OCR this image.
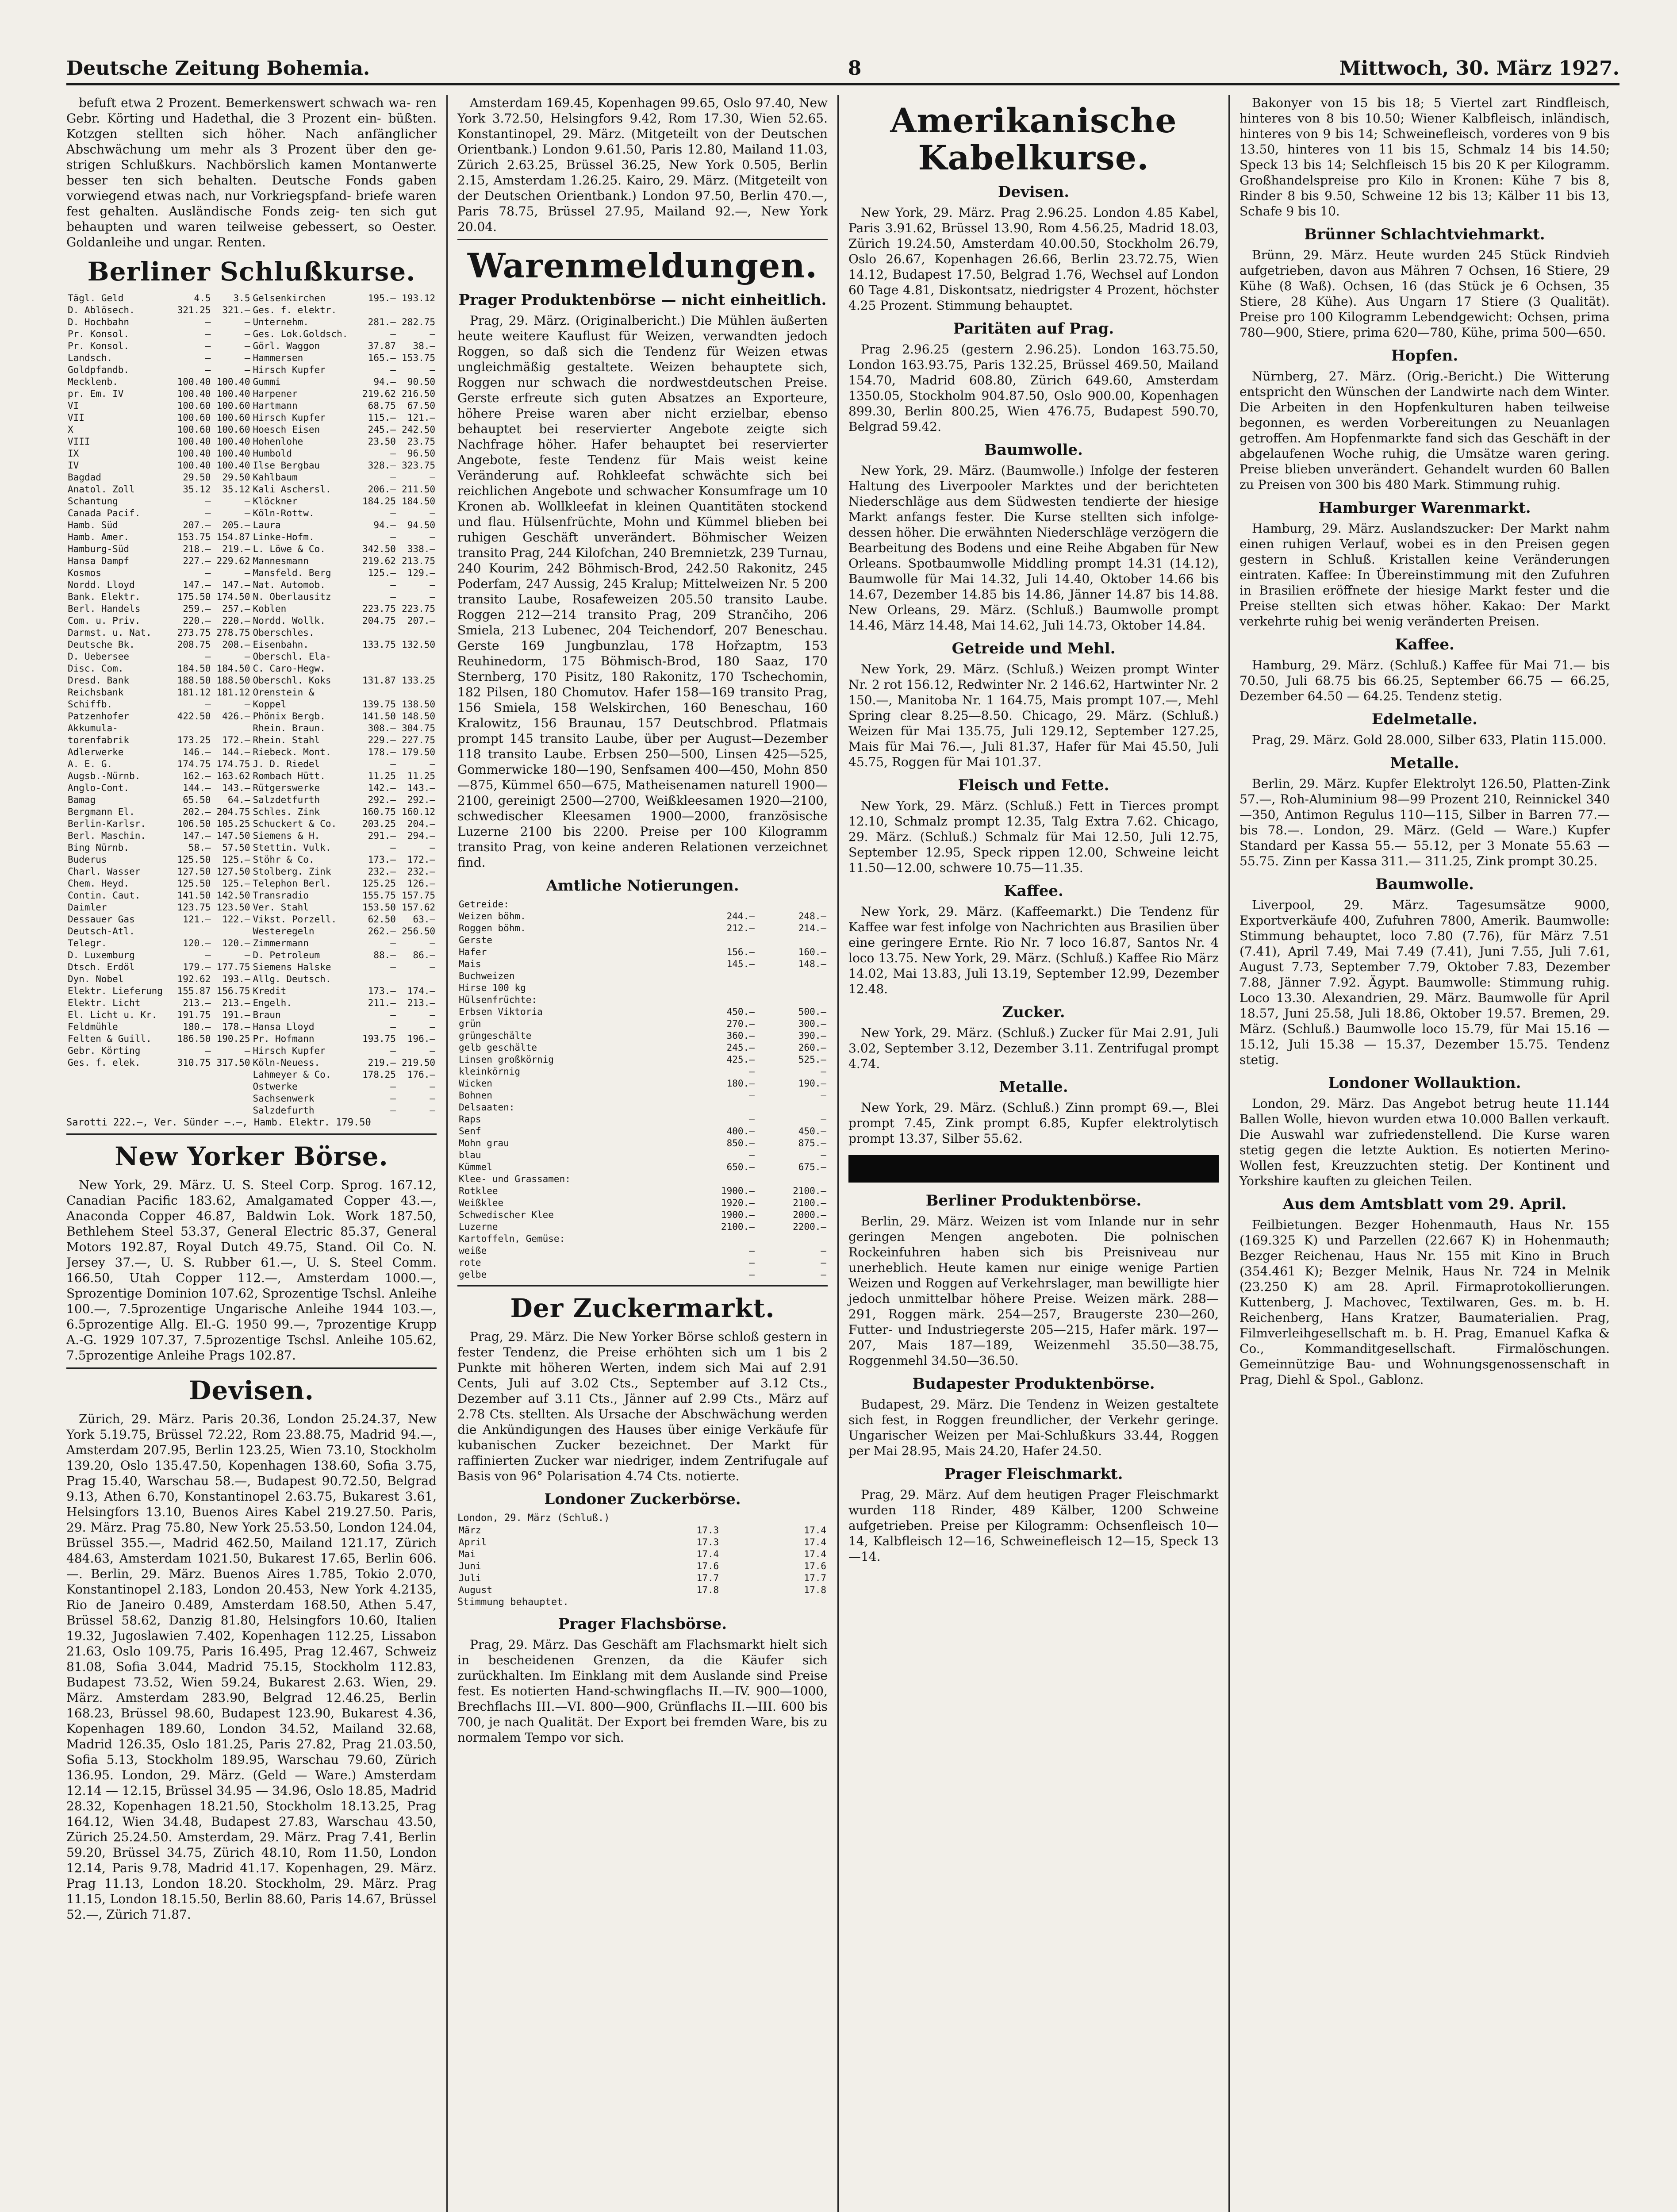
Deutsche Zeitung Bohemia.	8	Mittwoch, 30. März 1927.

befuft etwa 2 Prozent. Bemerkenswert schwach wa- ren Gebr. Körting und Hadethal, die 3 Prozent ein- büßten. Kotzgen stellten sich höher. Nach anfänglicher Abschwächung um mehr als 3 Prozent über den ge- strigen Schlußkurs. Nachbörslich kamen Montanwerte besser ten sich behalten. Deutsche Fonds gaben vorwiegend etwas nach, nur Vorkriegspfand- briefe waren fest gehalten. Ausländische Fonds zeig- ten sich gut behaupten und waren teilweise gebessert, so Oester. Goldanleihe und ungar. Renten.

Berliner Schlußkurse.
Tägl. Geld	4.5	3.5	Gelsenkirchen	195.—	193.12
D. Ablösech.	321.25	321.—	Ges. f. elektr.		
D. Hochbahn	—	—	Unternehm.	281.—	282.75
Pr. Konsol.	—	—	Ges. Lok.Goldsch.	—	—
Pr. Konsol.	—	—	Görl. Waggon	37.87	38.—
Landsch.	—	—	Hammersen	165.—	153.75
Goldpfandb.	—	—	Hirsch Kupfer	—	—
Mecklenb.	100.40	100.40	Gummi	94.—	90.50
pr. Em. IV	100.40	100.40	Harpener	219.62	216.50
VI	100.60	100.60	Hartmann	68.75	67.50
VII	100.60	100.60	Hirsch Kupfer	115.—	121.—
X	100.60	100.60	Hoesch Eisen	245.—	242.50
VIII	100.40	100.40	Hohenlohe	23.50	23.75
IX	100.40	100.40	Humbold	—	96.50
IV	100.40	100.40	Ilse Bergbau	328.—	323.75
Bagdad	29.50	29.50	Kahlbaum	—	—
Anatol. Zoll	35.12	35.12	Kali Aschersl.	206.—	211.50
Schantung	—	—	Klöckner	184.25	184.50
Canada Pacif.	—	—	Köln-Rottw.	—	—
Hamb. Süd	207.—	205.—	Laura	94.—	94.50
Hamb. Amer.	153.75	154.87	Linke-Hofm.	—	—
Hamburg-Süd	218.—	219.—	L. Löwe & Co.	342.50	338.—
Hansa Dampf	227.—	229.62	Mannesmann	219.62	213.75
Kosmos	—	—	Mansfeld. Berg	125.—	129.—
Nordd. Lloyd	147.—	147.—	Nat. Automob.	—	—
Bank. Elektr.	175.50	174.50	N. Oberlausitz	—	—
Berl. Handels	259.—	257.—	Koblen	223.75	223.75
Com. u. Priv.	220.—	220.—	Nordd. Wollk.	204.75	207.—
Darmst. u. Nat.	273.75	278.75	Oberschles.		
Deutsche Bk.	208.75	208.—	Eisenbahn.	133.75	132.50
D. Uebersee	—	—	Oberschl. Ela-		
Disc. Com.	184.50	184.50	C. Caro-Hegw.		
Dresd. Bank	188.50	188.50	Oberschl. Koks	131.87	133.25
Reichsbank	181.12	181.12	Orenstein &		
Schiffb.	—	—	Koppel	139.75	138.50
Patzenhofer	422.50	426.—	Phönix Bergb.	141.50	148.50
Akkumula-			Rhein. Braun.	308.—	304.75
torenfabrik	173.25	172.—	Rhein. Stahl	229.—	227.75
Adlerwerke	146.—	144.—	Riebeck. Mont.	178.—	179.50
A. E. G.	174.75	174.75	J. D. Riedel	—	—
Augsb.-Nürnb.	162.—	163.62	Rombach Hütt.	11.25	11.25
Anglo-Cont.	144.—	143.—	Rütgerswerke	142.—	143.—
Bamag	65.50	64.—	Salzdetfurth	292.—	292.—
Bergmann El.	202.—	204.75	Schles. Zink	160.75	160.12
Berlin-Karlsr.	106.50	105.25	Schuckert & Co.	203.25	204.—
Berl. Maschin.	147.—	147.50	Siemens & H.	291.—	294.—
Bing Nürnb.	58.—	57.50	Stettin. Vulk.	—	—
Buderus	125.50	125.—	Stöhr & Co.	173.—	172.—
Charl. Wasser	127.50	127.50	Stolberg. Zink	232.—	232.—
Chem. Heyd.	125.50	125.—	Telephon Berl.	125.25	126.—
Contin. Caut.	141.50	142.50	Transradio	155.75	157.75
Daimler	123.75	123.50	Ver. Stahl	153.50	157.62
Dessauer Gas	121.—	122.—	Vikst. Porzell.	62.50	63.—
Deutsch-Atl.			Westeregeln	262.—	256.50
Telegr.	120.—	120.—	Zimmermann	—	—
D. Luxemburg	—	—	D. Petroleum	88.—	86.—
Dtsch. Erdöl	179.—	177.75	Siemens Halske	—	—
Dyn. Nobel	192.62	193.—	Allg. Deutsch.		
Elektr. Lieferung	155.87	156.75	Kredit	173.—	174.—
Elektr. Licht	213.—	213.—	Engelh.	211.—	213.—
El. Licht u. Kr.	191.75	191.—	Braun	—	—
Feldmühle	180.—	178.—	Hansa Lloyd	—	—
Felten & Guill.	186.50	190.25	Pr. Hofmann	193.75	196.—
Gebr. Körting	—	—	Hirsch Kupfer	—	—
Ges. f. elek.	310.75	317.50	Köln-Neuess.	219.—	219.50
			Lahmeyer & Co.	178.25	176.—
			Ostwerke	—	—
			Sachsenwerk	—	—
			Salzdefurth	—	—
Sarotti 222.—, Ver. Sünder —.—, Hamb. Elektr. 179.50
New Yorker Börse.

New York, 29. März. U. S. Steel Corp. Sprog. 167.12, Canadian Pacific 183.62, Amalgamated Copper 43.—, Anaconda Copper 46.87, Baldwin Lok. Work 187.50, Bethlehem Steel 53.37, General Electric 85.37, General Motors 192.87, Royal Dutch 49.75, Stand. Oil Co. N. Jersey 37.—, U. S. Rubber 61.—, U. S. Steel Comm. 166.50, Utah Copper 112.—, Amsterdam 1000.—, Sprozentige Dominion 107.62, Sprozentige Tschsl. Anleihe 100.—, 7.5prozentige Ungarische Anleihe 1944 103.—, 6.5prozentige Allg. El.-G. 1950 99.—, 7prozentige Krupp A.-G. 1929 107.37, 7.5prozentige Tschsl. Anleihe 105.62, 7.5prozentige Anleihe Prags 102.87.

Devisen.

Zürich, 29. März. Paris 20.36, London 25.24.37, New York 5.19.75, Brüssel 72.22, Rom 23.88.75, Madrid 94.—, Amsterdam 207.95, Berlin 123.25, Wien 73.10, Stockholm 139.20, Oslo 135.47.50, Kopenhagen 138.60, Sofia 3.75, Prag 15.40, Warschau 58.—, Budapest 90.72.50, Belgrad 9.13, Athen 6.70, Konstantinopel 2.63.75, Bukarest 3.61, Helsingfors 13.10, Buenos Aires Kabel 219.27.50. Paris, 29. März. Prag 75.80, New York 25.53.50, London 124.04, Brüssel 355.—, Madrid 462.50, Mailand 121.17, Zürich 484.63, Amsterdam 1021.50, Bukarest 17.65, Berlin 606.—. Berlin, 29. März. Buenos Aires 1.785, Tokio 2.070, Konstantinopel 2.183, London 20.453, New York 4.2135, Rio de Janeiro 0.489, Amsterdam 168.50, Athen 5.47, Brüssel 58.62, Danzig 81.80, Helsingfors 10.60, Italien 19.32, Jugoslawien 7.402, Kopenhagen 112.25, Lissabon 21.63, Oslo 109.75, Paris 16.495, Prag 12.467, Schweiz 81.08, Sofia 3.044, Madrid 75.15, Stockholm 112.83, Budapest 73.52, Wien 59.24, Bukarest 2.63. Wien, 29. März. Amsterdam 283.90, Belgrad 12.46.25, Berlin 168.23, Brüssel 98.60, Budapest 123.90, Bukarest 4.36, Kopenhagen 189.60, London 34.52, Mailand 32.68, Madrid 126.35, Oslo 181.25, Paris 27.82, Prag 21.03.50, Sofia 5.13, Stockholm 189.95, Warschau 79.60, Zürich 136.95. London, 29. März. (Geld — Ware.) Amsterdam 12.14 — 12.15, Brüssel 34.95 — 34.96, Oslo 18.85, Madrid 28.32, Kopenhagen 18.21.50, Stockholm 18.13.25, Prag 164.12, Wien 34.48, Budapest 27.83, Warschau 43.50, Zürich 25.24.50. Amsterdam, 29. März. Prag 7.41, Berlin 59.20, Brüssel 34.75, Zürich 48.10, Rom 11.50, London 12.14, Paris 9.78, Madrid 41.17. Kopenhagen, 29. März. Prag 11.13, London 18.20. Stockholm, 29. März. Prag 11.15, London 18.15.50, Berlin 88.60, Paris 14.67, Brüssel 52.—, Zürich 71.87.

Amsterdam 169.45, Kopenhagen 99.65, Oslo 97.40, New York 3.72.50, Helsingfors 9.42, Rom 17.30, Wien 52.65. Konstantinopel, 29. März. (Mitgeteilt von der Deutschen Orientbank.) London 9.61.50, Paris 12.80, Mailand 11.03, Zürich 2.63.25, Brüssel 36.25, New York 0.505, Berlin 2.15, Amsterdam 1.26.25. Kairo, 29. März. (Mitgeteilt von der Deutschen Orientbank.) London 97.50, Berlin 470.—, Paris 78.75, Brüssel 27.95, Mailand 92.—, New York 20.04.

Warenmeldungen.
Prager Produktenbörse — nicht einheitlich.

Prag, 29. März. (Originalbericht.) Die Mühlen äußerten heute weitere Kauflust für Weizen, verwandten jedoch Roggen, so daß sich die Tendenz für Weizen etwas ungleichmäßig gestaltete. Weizen behauptete sich, Roggen nur schwach die nordwestdeutschen Preise. Gerste erfreute sich guten Absatzes an Exporteure, höhere Preise waren aber nicht erzielbar, ebenso behauptet bei reservierter Angebote zeigte sich Nachfrage höher. Hafer behauptet bei reservierter Angebote, feste Tendenz für Mais weist keine Veränderung auf. Rohkleefat schwächte sich bei reichlichen Angebote und schwacher Konsumfrage um 10 Kronen ab. Wollkleefat in kleinen Quantitäten stockend und flau. Hülsenfrüchte, Mohn und Kümmel blieben bei ruhigen Geschäft unverändert. Böhmischer Weizen transito Prag, 244 Kilofchan, 240 Bremnietzk, 239 Turnau, 240 Kourim, 242 Böhmisch-Brod, 242.50 Rakonitz, 245 Poderfam, 247 Aussig, 245 Kralup; Mittelweizen Nr. 5 200 transito Laube, Rosafeweizen 205.50 transito Laube. Roggen 212—214 transito Prag, 209 Strančiho, 206 Smiela, 213 Lubenec, 204 Teichendorf, 207 Beneschau. Gerste 169 Jungbunzlau, 178 Hořzaptm, 153 Reuhinedorm, 175 Böhmisch-Brod, 180 Saaz, 170 Sternberg, 170 Pisitz, 180 Rakonitz, 170 Tschechomin, 182 Pilsen, 180 Chomutov. Hafer 158—169 transito Prag, 156 Smiela, 158 Welskirchen, 160 Beneschau, 160 Kralowitz, 156 Braunau, 157 Deutschbrod. Pflatmais prompt 145 transito Laube, über per August—Dezember 118 transito Laube. Erbsen 250—500, Linsen 425—525, Gommerwicke 180—190, Senfsamen 400—450, Mohn 850—875, Kümmel 650—675, Matheisenamen naturell 1900—2100, gereinigt 2500—2700, Weißkleesamen 1920—2100, schwedischer Kleesamen 1900—2000, französische Luzerne 2100 bis 2200. Preise per 100 Kilogramm transito Prag, von keine anderen Relationen verzeichnet find.

Amtliche Notierungen.
Getreide:		
Weizen böhm.	244.—	248.—
Roggen böhm.	212.—	214.—
Gerste		
Hafer	156.—	160.—
Mais	145.—	148.—
Buchweizen		
Hirse 100 kg		
Hülsenfrüchte:		
Erbsen Viktoria	450.—	500.—
grün	270.—	300.—
grüngeschälte	360.—	390.—
gelb geschälte	245.—	260.—
Linsen großkörnig	425.—	525.—
kleinkörnig	—	—
Wicken	180.—	190.—
Bohnen	—	—
Delsaaten:		
Raps	—	—
Senf	400.—	450.—
Mohn grau	850.—	875.—
blau	—	—
Kümmel	650.—	675.—
Klee- und Grassamen:		
Rotklee	1900.—	2100.—
Weißklee	1920.—	2100.—
Schwedischer Klee	1900.—	2000.—
Luzerne	2100.—	2200.—
Kartoffeln, Gemüse:		
weiße	—	—
rote	—	—
gelbe	—	—
Der Zuckermarkt.

Prag, 29. März. Die New Yorker Börse schloß gestern in fester Tendenz, die Preise erhöhten sich um 1 bis 2 Punkte mit höheren Werten, indem sich Mai auf 2.91 Cents, Juli auf 3.02 Cts., September auf 3.12 Cts., Dezember auf 3.11 Cts., Jänner auf 2.99 Cts., März auf 2.78 Cts. stellten. Als Ursache der Abschwächung werden die Ankündigungen des Hauses über einige Verkäufe für kubanischen Zucker bezeichnet. Der Markt für raffinierten Zucker war niedriger, indem Zentrifugale auf Basis von 96° Polarisation 4.74 Cts. notierte.

Londoner Zuckerbörse.
London, 29. März (Schluß.)
März	17.3	17.4
April	17.3	17.4
Mai	17.4	17.4
Juni	17.6	17.6
Juli	17.7	17.7
August	17.8	17.8
Stimmung behauptet.
Prager Flachsbörse.

Prag, 29. März. Das Geschäft am Flachsmarkt hielt sich in bescheidenen Grenzen, da die Käufer sich zurückhalten. Im Einklang mit dem Auslande sind Preise fest. Es notierten Hand-schwingflachs II.—IV. 900—1000, Brechflachs III.—VI. 800—900, Grünflachs II.—III. 600 bis 700, je nach Qualität. Der Export bei fremden Ware, bis zu normalem Tempo vor sich.

Amerikanische Kabelkurse.
Devisen.

New York, 29. März. Prag 2.96.25. London 4.85 Kabel, Paris 3.91.62, Brüssel 13.90, Rom 4.56.25, Madrid 18.03, Zürich 19.24.50, Amsterdam 40.00.50, Stockholm 26.79, Oslo 26.67, Kopenhagen 26.66, Berlin 23.72.75, Wien 14.12, Budapest 17.50, Belgrad 1.76, Wechsel auf London 60 Tage 4.81, Diskontsatz, niedrigster 4 Prozent, höchster 4.25 Prozent. Stimmung behauptet.

Paritäten auf Prag.

Prag 2.96.25 (gestern 2.96.25). London 163.75.50, London 163.93.75, Paris 132.25, Brüssel 469.50, Mailand 154.70, Madrid 608.80, Zürich 649.60, Amsterdam 1350.05, Stockholm 904.87.50, Oslo 900.00, Kopenhagen 899.30, Berlin 800.25, Wien 476.75, Budapest 590.70, Belgrad 59.42.

Baumwolle.

New York, 29. März. (Baumwolle.) Infolge der festeren Haltung des Liverpooler Marktes und der berichteten Niederschläge aus dem Südwesten tendierte der hiesige Markt anfangs fester. Die Kurse stellten sich infolge-dessen höher. Die erwähnten Niederschläge verzögern die Bearbeitung des Bodens und eine Reihe Abgaben für New Orleans. Spotbaumwolle Middling prompt 14.31 (14.12), Baumwolle für Mai 14.32, Juli 14.40, Oktober 14.66 bis 14.67, Dezember 14.85 bis 14.86, Jänner 14.87 bis 14.88. New Orleans, 29. März. (Schluß.) Baumwolle prompt 14.46, März 14.48, Mai 14.62, Juli 14.73, Oktober 14.84.

Getreide und Mehl.

New York, 29. März. (Schluß.) Weizen prompt Winter Nr. 2 rot 156.12, Redwinter Nr. 2 146.62, Hartwinter Nr. 2 150.—, Manitoba Nr. 1 164.75, Mais prompt 107.—, Mehl Spring clear 8.25—8.50. Chicago, 29. März. (Schluß.) Weizen für Mai 135.75, Juli 129.12, September 127.25, Mais für Mai 76.—, Juli 81.37, Hafer für Mai 45.50, Juli 45.75, Roggen für Mai 101.37.

Fleisch und Fette.

New York, 29. März. (Schluß.) Fett in Tierces prompt 12.10, Schmalz prompt 12.35, Talg Extra 7.62. Chicago, 29. März. (Schluß.) Schmalz für Mai 12.50, Juli 12.75, September 12.95, Speck rippen 12.00, Schweine leicht 11.50—12.00, schwere 10.75—11.35.

Kaffee.

New York, 29. März. (Kaffeemarkt.) Die Tendenz für Kaffee war fest infolge von Nachrichten aus Brasilien über eine geringere Ernte. Rio Nr. 7 loco 16.87, Santos Nr. 4 loco 13.75. New York, 29. März. (Schluß.) Kaffee Rio März 14.02, Mai 13.83, Juli 13.19, September 12.99, Dezember 12.48.

Zucker.

New York, 29. März. (Schluß.) Zucker für Mai 2.91, Juli 3.02, September 3.12, Dezember 3.11. Zentrifugal prompt 4.74.

Metalle.

New York, 29. März. (Schluß.) Zinn prompt 69.—, Blei prompt 7.45, Zink prompt 6.85, Kupfer elektrolytisch prompt 13.37, Silber 55.62.

Berliner Produktenbörse.

Berlin, 29. März. Weizen ist vom Inlande nur in sehr geringen Mengen angeboten. Die polnischen Rockeinfuhren haben sich bis Preisniveau nur unerheblich. Heute kamen nur einige wenige Partien Weizen und Roggen auf Verkehrslager, man bewilligte hier jedoch unmittelbar höhere Preise. Weizen märk. 288—291, Roggen märk. 254—257, Braugerste 230—260, Futter- und Industriegerste 205—215, Hafer märk. 197—207, Mais 187—189, Weizenmehl 35.50—38.75, Roggenmehl 34.50—36.50.

Budapester Produktenbörse.

Budapest, 29. März. Die Tendenz in Weizen gestaltete sich fest, in Roggen freundlicher, der Verkehr geringe. Ungarischer Weizen per Mai-Schlußkurs 33.44, Roggen per Mai 28.95, Mais 24.20, Hafer 24.50.

Prager Fleischmarkt.

Prag, 29. März. Auf dem heutigen Prager Fleischmarkt wurden 118 Rinder, 489 Kälber, 1200 Schweine aufgetrieben. Preise per Kilogramm: Ochsenfleisch 10—14, Kalbfleisch 12—16, Schweinefleisch 12—15, Speck 13—14.

Bakonyer von 15 bis 18; 5 Viertel zart Rindfleisch, hinteres von 8 bis 10.50; Wiener Kalbfleisch, inländisch, hinteres von 9 bis 14; Schweinefleisch, vorderes von 9 bis 13.50, hinteres von 11 bis 15, Schmalz 14 bis 14.50; Speck 13 bis 14; Selchfleisch 15 bis 20 K per Kilogramm. Großhandelspreise pro Kilo in Kronen: Kühe 7 bis 8, Rinder 8 bis 9.50, Schweine 12 bis 13; Kälber 11 bis 13, Schafe 9 bis 10.

Brünner Schlachtviehmarkt.

Brünn, 29. März. Heute wurden 245 Stück Rindvieh aufgetrieben, davon aus Mähren 7 Ochsen, 16 Stiere, 29 Kühe (8 Waß). Ochsen, 16 (das Stück je 6 Ochsen, 35 Stiere, 28 Kühe). Aus Ungarn 17 Stiere (3 Qualität). Preise pro 100 Kilogramm Lebendgewicht: Ochsen, prima 780—900, Stiere, prima 620—780, Kühe, prima 500—650.

Hopfen.

Nürnberg, 27. März. (Orig.-Bericht.) Die Witterung entspricht den Wünschen der Landwirte nach dem Winter. Die Arbeiten in den Hopfenkulturen haben teilweise begonnen, es werden Vorbereitungen zu Neuanlagen getroffen. Am Hopfenmarkte fand sich das Geschäft in der abgelaufenen Woche ruhig, die Umsätze waren gering. Preise blieben unverändert. Gehandelt wurden 60 Ballen zu Preisen von 300 bis 480 Mark. Stimmung ruhig.

Hamburger Warenmarkt.

Hamburg, 29. März. Auslandszucker: Der Markt nahm einen ruhigen Verlauf, wobei es in den Preisen gegen gestern in Schluß. Kristallen keine Veränderungen eintraten. Kaffee: In Übereinstimmung mit den Zufuhren in Brasilien eröffnete der hiesige Markt fester und die Preise stellten sich etwas höher. Kakao: Der Markt verkehrte ruhig bei wenig veränderten Preisen.

Kaffee.

Hamburg, 29. März. (Schluß.) Kaffee für Mai 71.— bis 70.50, Juli 68.75 bis 66.25, September 66.75 — 66.25, Dezember 64.50 — 64.25. Tendenz stetig.

Edelmetalle.

Prag, 29. März. Gold 28.000, Silber 633, Platin 115.000.

Metalle.

Berlin, 29. März. Kupfer Elektrolyt 126.50, Platten-Zink 57.—, Roh-Aluminium 98—99 Prozent 210, Reinnickel 340—350, Antimon Regulus 110—115, Silber in Barren 77.— bis 78.—. London, 29. März. (Geld — Ware.) Kupfer Standard per Kassa 55.— 55.12, per 3 Monate 55.63 — 55.75. Zinn per Kassa 311.— 311.25, Zink prompt 30.25.

Baumwolle.

Liverpool, 29. März. Tagesumsätze 9000, Exportverkäufe 400, Zufuhren 7800, Amerik. Baumwolle: Stimmung behauptet, loco 7.80 (7.76), für März 7.51 (7.41), April 7.49, Mai 7.49 (7.41), Juni 7.55, Juli 7.61, August 7.73, September 7.79, Oktober 7.83, Dezember 7.88, Jänner 7.92. Ägypt. Baumwolle: Stimmung ruhig. Loco 13.30. Alexandrien, 29. März. Baumwolle für April 18.57, Juni 25.58, Juli 18.86, Oktober 19.57. Bremen, 29. März. (Schluß.) Baumwolle loco 15.79, für Mai 15.16 — 15.12, Juli 15.38 — 15.37, Dezember 15.75. Tendenz stetig.

Londoner Wollauktion.

London, 29. März. Das Angebot betrug heute 11.144 Ballen Wolle, hievon wurden etwa 10.000 Ballen verkauft. Die Auswahl war zufriedenstellend. Die Kurse waren stetig gegen die letzte Auktion. Es notierten Merino-Wollen fest, Kreuzzuchten stetig. Der Kontinent und Yorkshire kauften zu gleichen Teilen.

Aus dem Amtsblatt vom 29. April.

Feilbietungen. Bezger Hohenmauth, Haus Nr. 155 (169.325 K) und Parzellen (22.667 K) in Hohenmauth; Bezger Reichenau, Haus Nr. 155 mit Kino in Bruch (354.461 K); Bezger Melnik, Haus Nr. 724 in Melnik (23.250 K) am 28. April. Firmaprotokollierungen. Kuttenberg, J. Machovec, Textilwaren, Ges. m. b. H. Reichenberg, Hans Kratzer, Baumaterialien. Prag, Filmverleihgesellschaft m. b. H. Prag, Emanuel Kafka & Co., Kommanditgesellschaft. Firmalöschungen. Gemeinnützige Bau- und Wohnungsgenossenschaft in Prag, Diehl & Spol., Gablonz.
